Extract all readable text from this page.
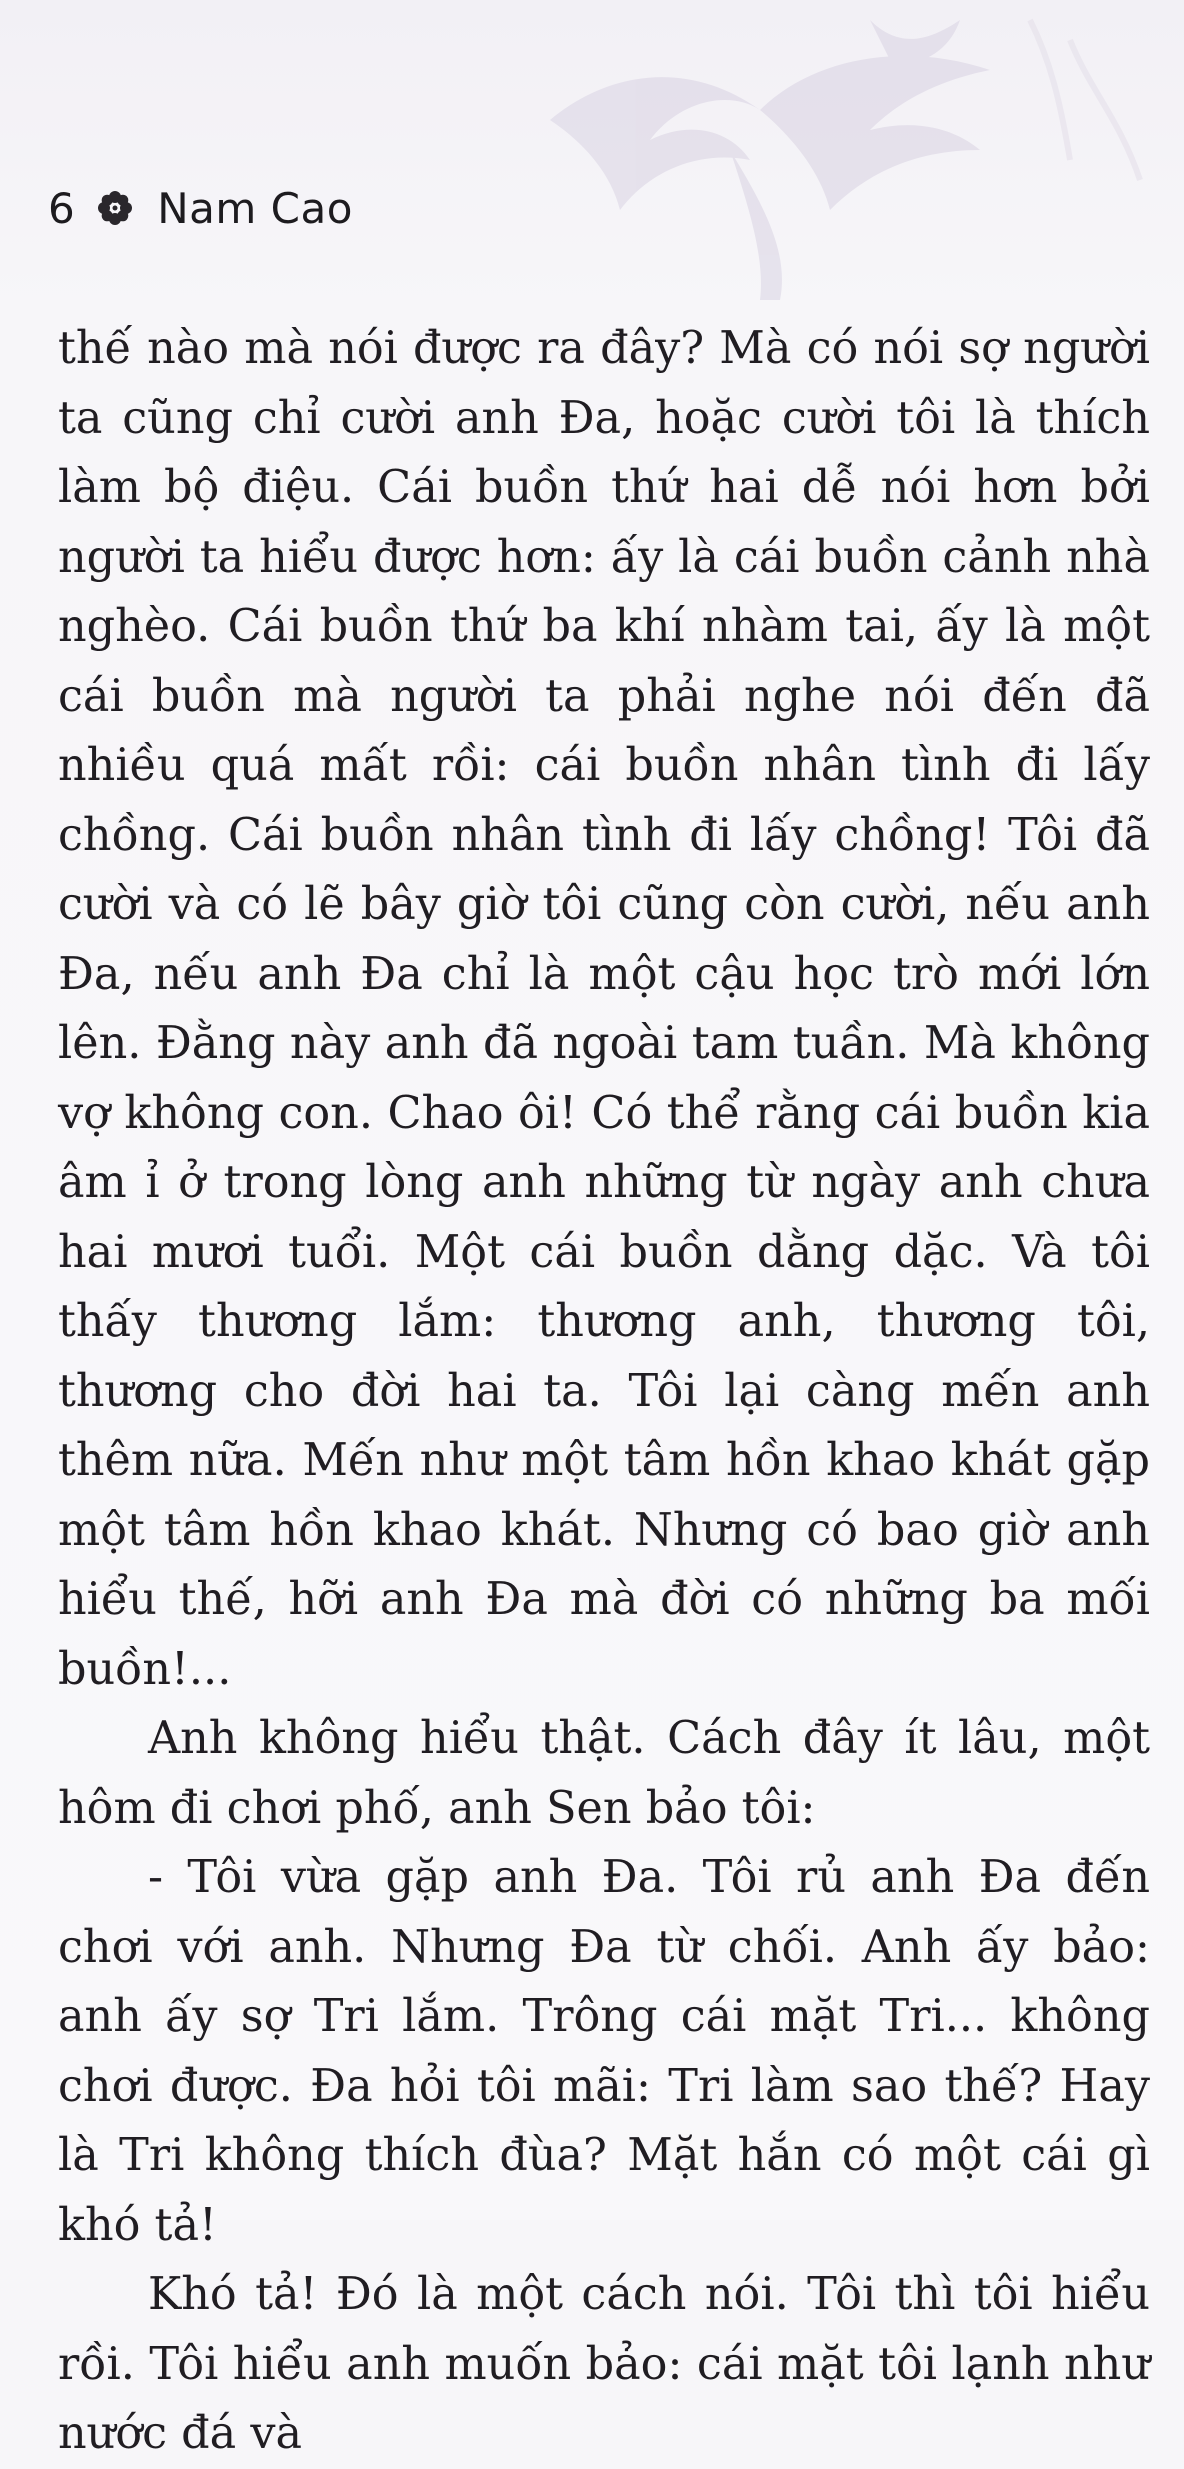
6 Nam Cao

thế nào mà nói được ra đây? Mà có nói sợ người ta cũng chỉ cười anh Đa, hoặc cười tôi là thích làm bộ điệu. Cái buồn thứ hai dễ nói hơn bởi người ta hiểu được hơn: ấy là cái buồn cảnh nhà nghèo. Cái buồn thứ ba khí nhàm tai, ấy là một cái buồn mà người ta phải nghe nói đến đã nhiều quá mất rồi: cái buồn nhân tình đi lấy chồng. Cái buồn nhân tình đi lấy chồng! Tôi đã cười và có lẽ bây giờ tôi cũng còn cười, nếu anh Đa, nếu anh Đa chỉ là một cậu học trò mới lớn lên. Đằng này anh đã ngoài tam tuần. Mà không vợ không con. Chao ôi! Có thể rằng cái buồn kia âm ỉ ở trong lòng anh những từ ngày anh chưa hai mươi tuổi. Một cái buồn dằng dặc. Và tôi thấy thương lắm: thương anh, thương tôi, thương cho đời hai ta. Tôi lại càng mến anh thêm nữa. Mến như một tâm hồn khao khát gặp một tâm hồn khao khát. Nhưng có bao giờ anh hiểu thế, hỡi anh Đa mà đời có những ba mối buồn!...

Anh không hiểu thật. Cách đây ít lâu, một hôm đi chơi phố, anh Sen bảo tôi:

- Tôi vừa gặp anh Đa. Tôi rủ anh Đa đến chơi với anh. Nhưng Đa từ chối. Anh ấy bảo: anh ấy sợ Tri lắm. Trông cái mặt Tri... không chơi được. Đa hỏi tôi mãi: Tri làm sao thế? Hay là Tri không thích đùa? Mặt hắn có một cái gì khó tả!

Khó tả! Đó là một cách nói. Tôi thì tôi hiểu rồi. Tôi hiểu anh muốn bảo: cái mặt tôi lạnh như nước đá và
